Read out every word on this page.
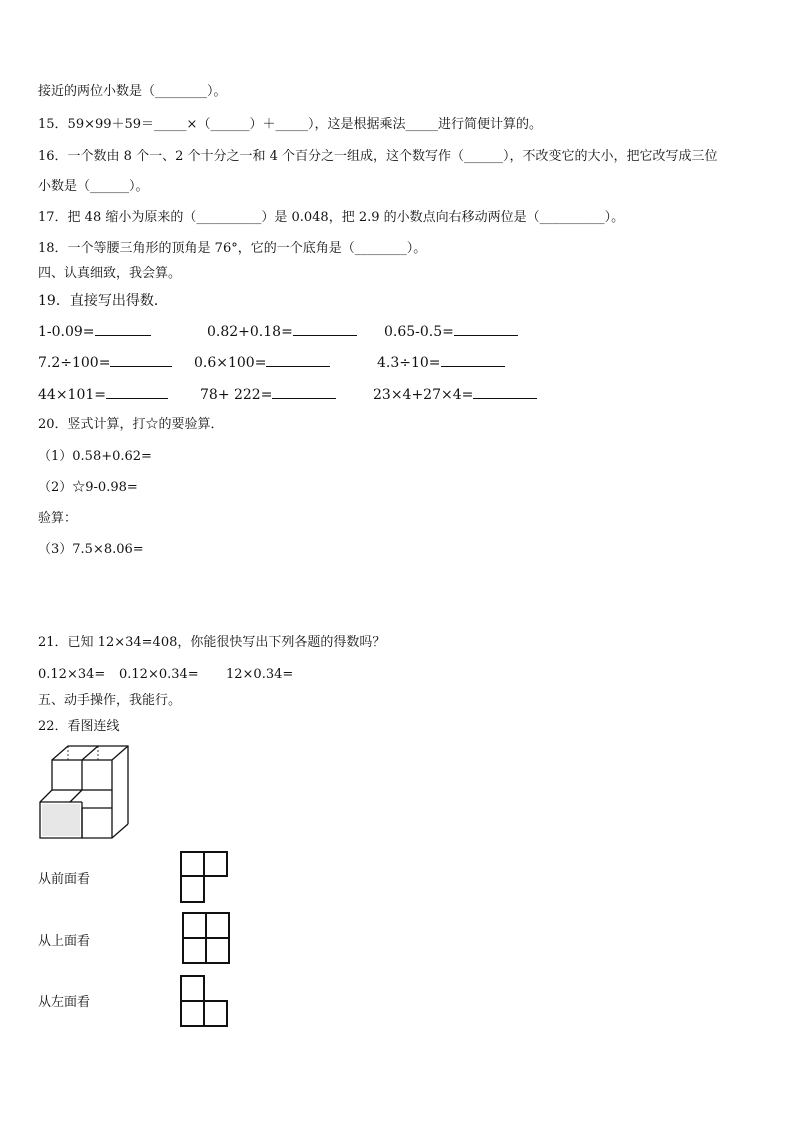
接近的两位小数是（________）。
15．59×99＋59＝_____×（______）＋_____），这是根据乘法_____进行简便计算的。
16．一个数由 8 个一、2 个十分之一和 4 个百分之一组成，这个数写作（______），不改变它的大小，把它改写成三位
小数是（______）。
17．把 48 缩小为原来的（__________）是 0.048，把 2.9 的小数点向右移动两位是（__________）。
18．一个等腰三角形的顶角是 76°，它的一个底角是（________）。
四、认真细致，我会算。
19．直接写出得数．
1-0.09=	0.82+0.18=	0.65-0.5=
7.2÷100=	0.6×100=	4.3÷10=
44×101=	78+ 222=	23×4+27×4=
20．竖式计算，打☆的要验算．
（1）0.58+0.62=
（2）☆9-0.98=
验算：
（3）7.5×8.06=
21．已知 12×34=408，你能很快写出下列各题的得数吗？
0.12×34= 0.12×0.34= 12×0.34=
五、动手操作，我能行。
22．看图连线
从前面看
从上面看
从左面看
